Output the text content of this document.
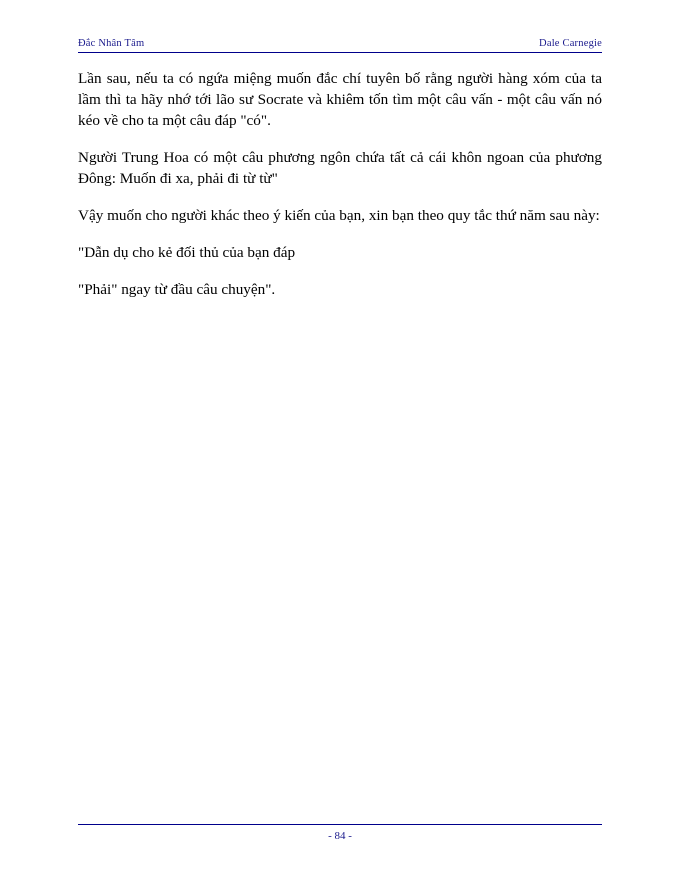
Đắc Nhân Tâm	Dale Carnegie

Lần sau, nếu ta có ngứa miệng muốn đắc chí tuyên bố rằng người hàng xóm của ta lầm thì ta hãy nhớ tới lão sư Socrate và khiêm tốn tìm một câu vấn - một câu vấn nó kéo về cho ta một câu đáp "có".

Người Trung Hoa có một câu phương ngôn chứa tất cả cái khôn ngoan của phương Đông: Muốn đi xa, phải đi từ từ"

Vậy muốn cho người khác theo ý kiến của bạn, xin bạn theo quy tắc thứ năm sau này:

"Dẫn dụ cho kẻ đối thủ của bạn đáp

"Phải" ngay từ đầu câu chuyện".

- 84 -
